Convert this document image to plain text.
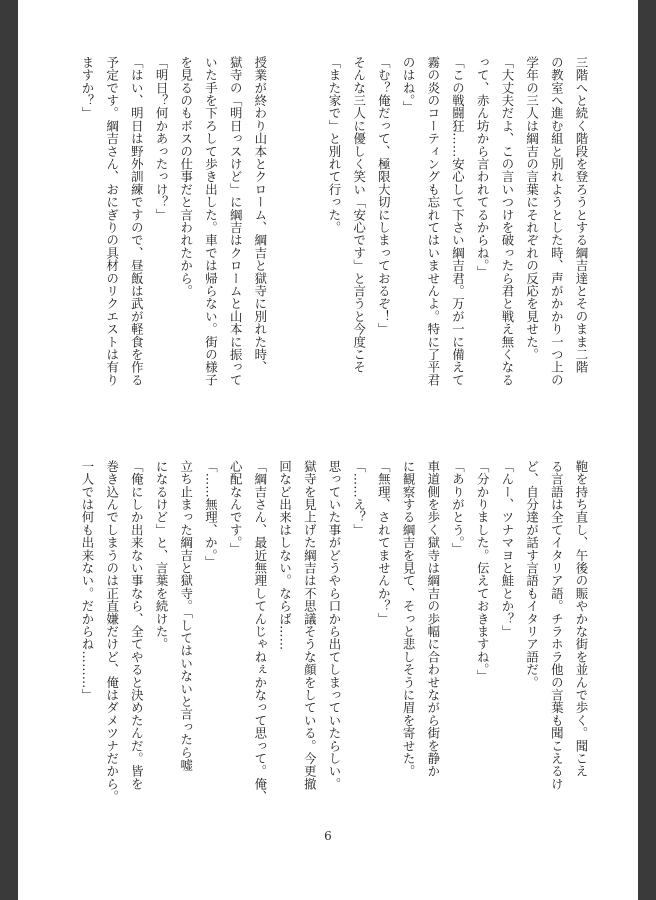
三階へと続く階段を登ろうとする綱吉達とそのまま二階

の教室へ進む組と別れようとした時、声がかかり一つ上の

学年の三人は綱吉の言葉にそれぞれの反応を見せた。

「大丈夫だよ、この言いつけを破ったら君と戦え無くなる

って、赤ん坊から言われてるからね。」

「この戦闘狂……安心して下さい綱吉君。万が一に備えて

霧の炎のコーティングも忘れてはいませんよ。特に了平君

のはね。」

「む？俺だって、極限大切にしまっておるぞ！」

そんな三人に優しく笑い「安心です」と言うと今度こそ

「また家で」と別れて行った。

授業が終わり山本とクローム、綱吉と獄寺に別れた時、

獄寺の「明日っスけど」に綱吉はクロームと山本に振って

いた手を下ろして歩き出した。車では帰らない。街の様子

を見るのもボスの仕事だと言われたから。

「明日？何かあったっけ？」

「はい、明日は野外訓練ですので、昼飯は武が軽食を作る

予定です。綱吉さん、おにぎりの具材のリクエストは有り

ますか？」

鞄を持ち直し、午後の賑やかな街を並んで歩く。聞こえ

る言語は全てイタリア語。チラホラ他の言葉も聞こえるけ

ど、自分達が話す言語もイタリア語だ。

「んー、ツナマヨと鮭とか？」

「分かりました。伝えておきますね。」

「ありがとう。」

車道側を歩く獄寺は綱吉の歩幅に合わせながら街を静か

に観察する綱吉を見て、そっと悲しそうに眉を寄せた。

「無理、されてませんか？」

「……え？」

思っていた事がどうやら口から出てしまっていたらしい。

獄寺を見上げた綱吉は不思議そうな顔をしている。今更撤

回など出来はしない。ならば……

「綱吉さん、最近無理してんじゃねぇかなって思って。俺、

心配なんです。」

「……無理、か。」

立ち止まった綱吉と獄寺。「してはいないと言ったら嘘

になるけど」と、言葉を続けた。

「俺にしか出来ない事なら、全てやると決めたんだ。皆を

巻き込んでしまうのは正直嫌だけど、俺はダメツナだから。

一人では何も出来ない。だからね………」

6
